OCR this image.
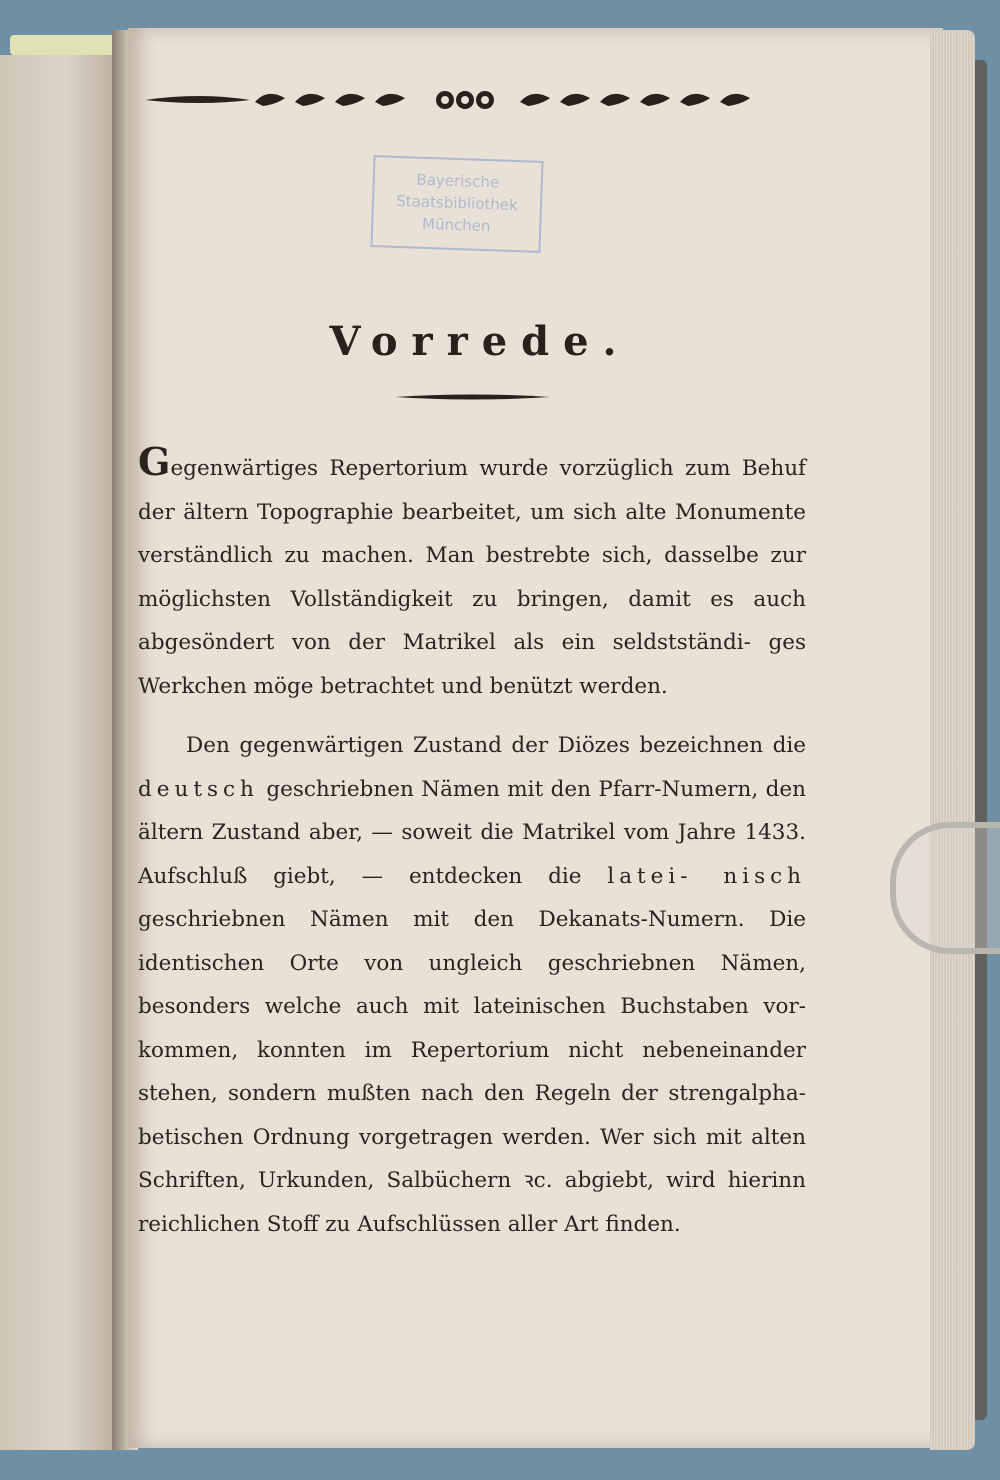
Bayerische
Staatsbibliothek
München
Vorrede.

Gegenwärtiges Repertorium wurde vorzüglich zum Behuf der ältern Topographie bearbeitet, um sich alte Monumente verständlich zu machen. Man bestrebte sich, dasselbe zur möglichsten Vollständigkeit zu bringen, damit es auch abgesöndert von der Matrikel als ein seldstständi- ges Werkchen möge betrachtet und benützt werden.

Den gegenwärtigen Zustand der Diözes bezeichnen die deutsch geschriebnen Nämen mit den Pfarr-Numern, den ältern Zustand aber, — soweit die Matrikel vom Jahre 1433. Aufschluß giebt, — entdecken die latei- nisch geschriebnen Nämen mit den Dekanats-Numern. Die identischen Orte von ungleich geschriebnen Nämen, besonders welche auch mit lateinischen Buchstaben vor- kommen, konnten im Repertorium nicht nebeneinander stehen, sondern mußten nach den Regeln der strengalpha- betischen Ordnung vorgetragen werden. Wer sich mit alten Schriften, Urkunden, Salbüchern ꝛc. abgiebt, wird hierinn reichlichen Stoff zu Aufschlüssen aller Art finden.
